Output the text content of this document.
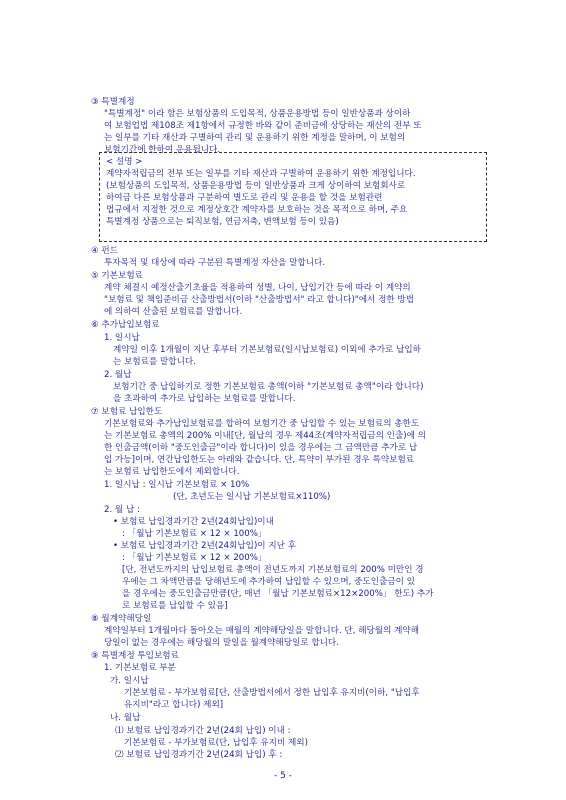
③ 특별계정
"특별계정" 이라 함은 보험상품의 도입목적, 상품운용방법 등이 일반상품과 상이하
여 보험업법 제108조 제1항에서 규정한 바와 같이 준비금에 상당하는 재산의 전부 또
는 일부를 기타 재산과 구별하여 관리 및 운용하기 위한 계정을 말하며, 이 보험의
보험기간에 한하여 운용됩니다.
< 설명 >
계약자적립금의 전부 또는 일부를 기타 재산과 구별하여 운용하기 위한 계정입니다.
(보험상품의 도입목적, 상품운용방법 등이 일반상품과 크게 상이하여 보험회사로
하여금 다른 보험상품과 구분하여 별도로 관리 및 운용을 할 것을 보험관련
법규에서 지정한 것으로 계정상호간 계약자를 보호하는 것을 목적으로 하며, 주요
특별계정 상품으로는 퇴직보험, 연금저축, 변액보험 등이 있음)
④ 펀드
투자목적 및 대상에 따라 구분된 특별계정 자산을 말합니다.
⑤ 기본보험료
계약 체결시 예정산출기초율을 적용하여 성별, 나이, 납입기간 등에 따라 이 계약의
"보험료 및 책임준비금 산출방법서(이하 "산출방법서" 라고 합니다)"에서 정한 방법
에 의하여 산출된 보험료를 말합니다.
⑥ 추가납입보험료
1. 일시납
계약일 이후 1개월이 지난 후부터 기본보험료(일시납보험료) 이외에 추가로 납입하
는 보험료를 말합니다.
2. 월납
보험기간 중 납입하기로 정한 기본보험료 총액(이하 "기본보험료 총액"이라 합니다)
을 초과하여 추가로 납입하는 보험료를 말합니다.
⑦ 보험료 납입한도
기본보험료와 추가납입보험료를 합하여 보험기간 중 납입할 수 있는 보험료의 총한도
는 기본보험료 총액의 200% 이내[단, 월납의 경우 제44조(계약자적립금의 인출)에 의
한 인출금액(이하 "중도인출금"이라 합니다)이 있을 경우에는 그 금액만큼 추가로 납
입 가능]이며, 연간납입한도는 아래와 같습니다. 단, 특약이 부가된 경우 특약보험료
는 보험료 납입한도에서 제외합니다.
1. 일시납 : 일시납 기본보험료 × 10%
(단, 초년도는 일시납 기본보험료×110%)
2. 월 납 :
• 보험료 납입경과기간 2년(24회납입)이내
: 「월납 기본보험료 × 12 × 100%」
• 보험료 납입경과기간 2년(24회납입)이 지난 후
: 「월납 기본보험료 × 12 × 200%」
[단, 전년도까지의 납입보험료 총액이 전년도까지 기본보험료의 200% 미만인 경
우에는 그 차액만큼을 당해년도에 추가하여 납입할 수 있으며, 중도인출금이 있
을 경우에는 중도인출금만큼(단, 매년 「월납 기본보험료×12×200%」 한도) 추가
로 보험료를 납입할 수 있음]
⑧ 월계약해당일
계약일부터 1개월마다 돌아오는 매월의 계약해당일을 말합니다. 단, 해당월의 계약해
당일이 없는 경우에는 해당월의 말일을 월계약해당일로 합니다.
⑨ 특별계정 투입보험료
1. 기본보험료 부분
가. 일시납
기본보험료 - 부가보험료[단, 산출방법서에서 정한 납입후 유지비(이하, "납입후
유지비"라고 합니다) 제외]
나. 월납
⑴ 보험료 납입경과기간 2년(24회 납입) 이내 :
기본보험료 - 부가보험료(단, 납입후 유지비 제외)
⑵ 보험료 납입경과기간 2년(24회 납입) 후 :
- 5 -
